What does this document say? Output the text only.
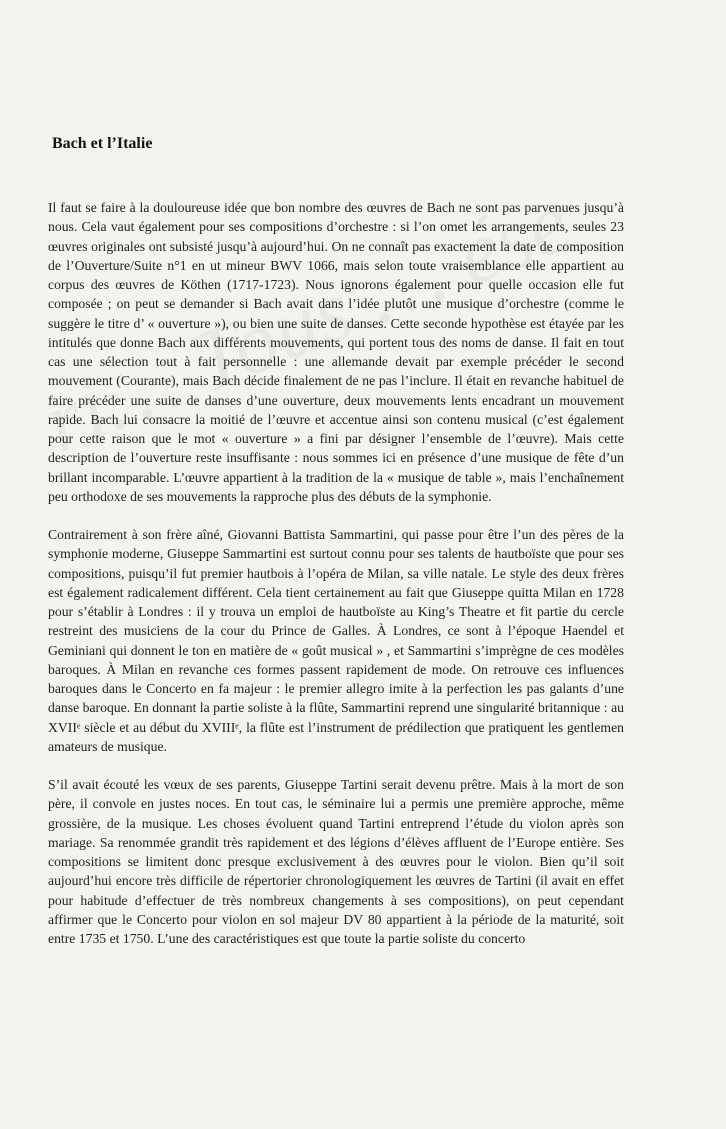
Bach et l’Italie

Il faut se faire à la douloureuse idée que bon nombre des œuvres de Bach ne sont pas parvenues jusqu’à nous. Cela vaut également pour ses compositions d’orchestre : si l’on omet les arrangements, seules 23 œuvres originales ont subsisté jusqu’à aujourd’hui. On ne connaît pas exactement la date de composition de l’Ouverture/Suite n°1 en ut mineur BWV 1066, mais selon toute vraisemblance elle appartient au corpus des œuvres de Köthen (1717-1723). Nous ignorons également pour quelle occasion elle fut composée ; on peut se demander si Bach avait dans l’idée plutôt une musique d’orchestre (comme le suggère le titre d’ « ouverture »), ou bien une suite de danses. Cette seconde hypothèse est étayée par les intitulés que donne Bach aux différents mouvements, qui portent tous des noms de danse. Il fait en tout cas une sélection tout à fait personnelle : une allemande devait par exemple précéder le second mouvement (Courante), mais Bach décide finalement de ne pas l’inclure. Il était en revanche habituel de faire précéder une suite de danses d’une ouverture, deux mouvements lents encadrant un mouvement rapide. Bach lui consacre la moitié de l’œuvre et accentue ainsi son contenu musical (c’est également pour cette raison que le mot « ouverture » a fini par désigner l’ensemble de l’œuvre). Mais cette description de l’ouverture reste insuffisante : nous sommes ici en présence d’une musique de fête d’un brillant incomparable. L’œuvre appartient à la tradition de la « musique de table », mais l’enchaînement peu orthodoxe de ses mouvements la rapproche plus des débuts de la symphonie.

Contrairement à son frère aîné, Giovanni Battista Sammartini, qui passe pour être l’un des pères de la symphonie moderne, Giuseppe Sammartini est surtout connu pour ses talents de hautboïste que pour ses compositions, puisqu’il fut premier hautbois à l’opéra de Milan, sa ville natale. Le style des deux frères est également radicalement différent. Cela tient certainement au fait que Giuseppe quitta Milan en 1728 pour s’établir à Londres : il y trouva un emploi de hautboïste au King’s Theatre et fit partie du cercle restreint des musiciens de la cour du Prince de Galles. À Londres, ce sont à l’époque Haendel et Geminiani qui donnent le ton en matière de « goût musical » , et Sammartini s’imprègne de ces modèles baroques. À Milan en revanche ces formes passent rapidement de mode. On retrouve ces influences baroques dans le Concerto en fa majeur : le premier allegro imite à la perfection les pas galants d’une danse baroque. En donnant la partie soliste à la flûte, Sammartini reprend une singularité britannique : au XVIIᵉ siècle et au début du XVIIIᵉ, la flûte est l’instrument de prédilection que pratiquent les gentlemen amateurs de musique.

S’il avait écouté les vœux de ses parents, Giuseppe Tartini serait devenu prêtre. Mais à la mort de son père, il convole en justes noces. En tout cas, le séminaire lui a permis une première approche, même grossière, de la musique. Les choses évoluent quand Tartini entreprend l’étude du violon après son mariage. Sa renommée grandit très rapidement et des légions d’élèves affluent de l’Europe entière. Ses compositions se limitent donc presque exclusivement à des œuvres pour le violon. Bien qu’il soit aujourd’hui encore très difficile de répertorier chronologiquement les œuvres de Tartini (il avait en effet pour habitude d’effectuer de très nombreux changements à ses compositions), on peut cependant affirmer que le Concerto pour violon en sol majeur DV 80 appartient à la période de la maturité, soit entre 1735 et 1750. L’une des caractéristiques est que toute la partie soliste du concerto
